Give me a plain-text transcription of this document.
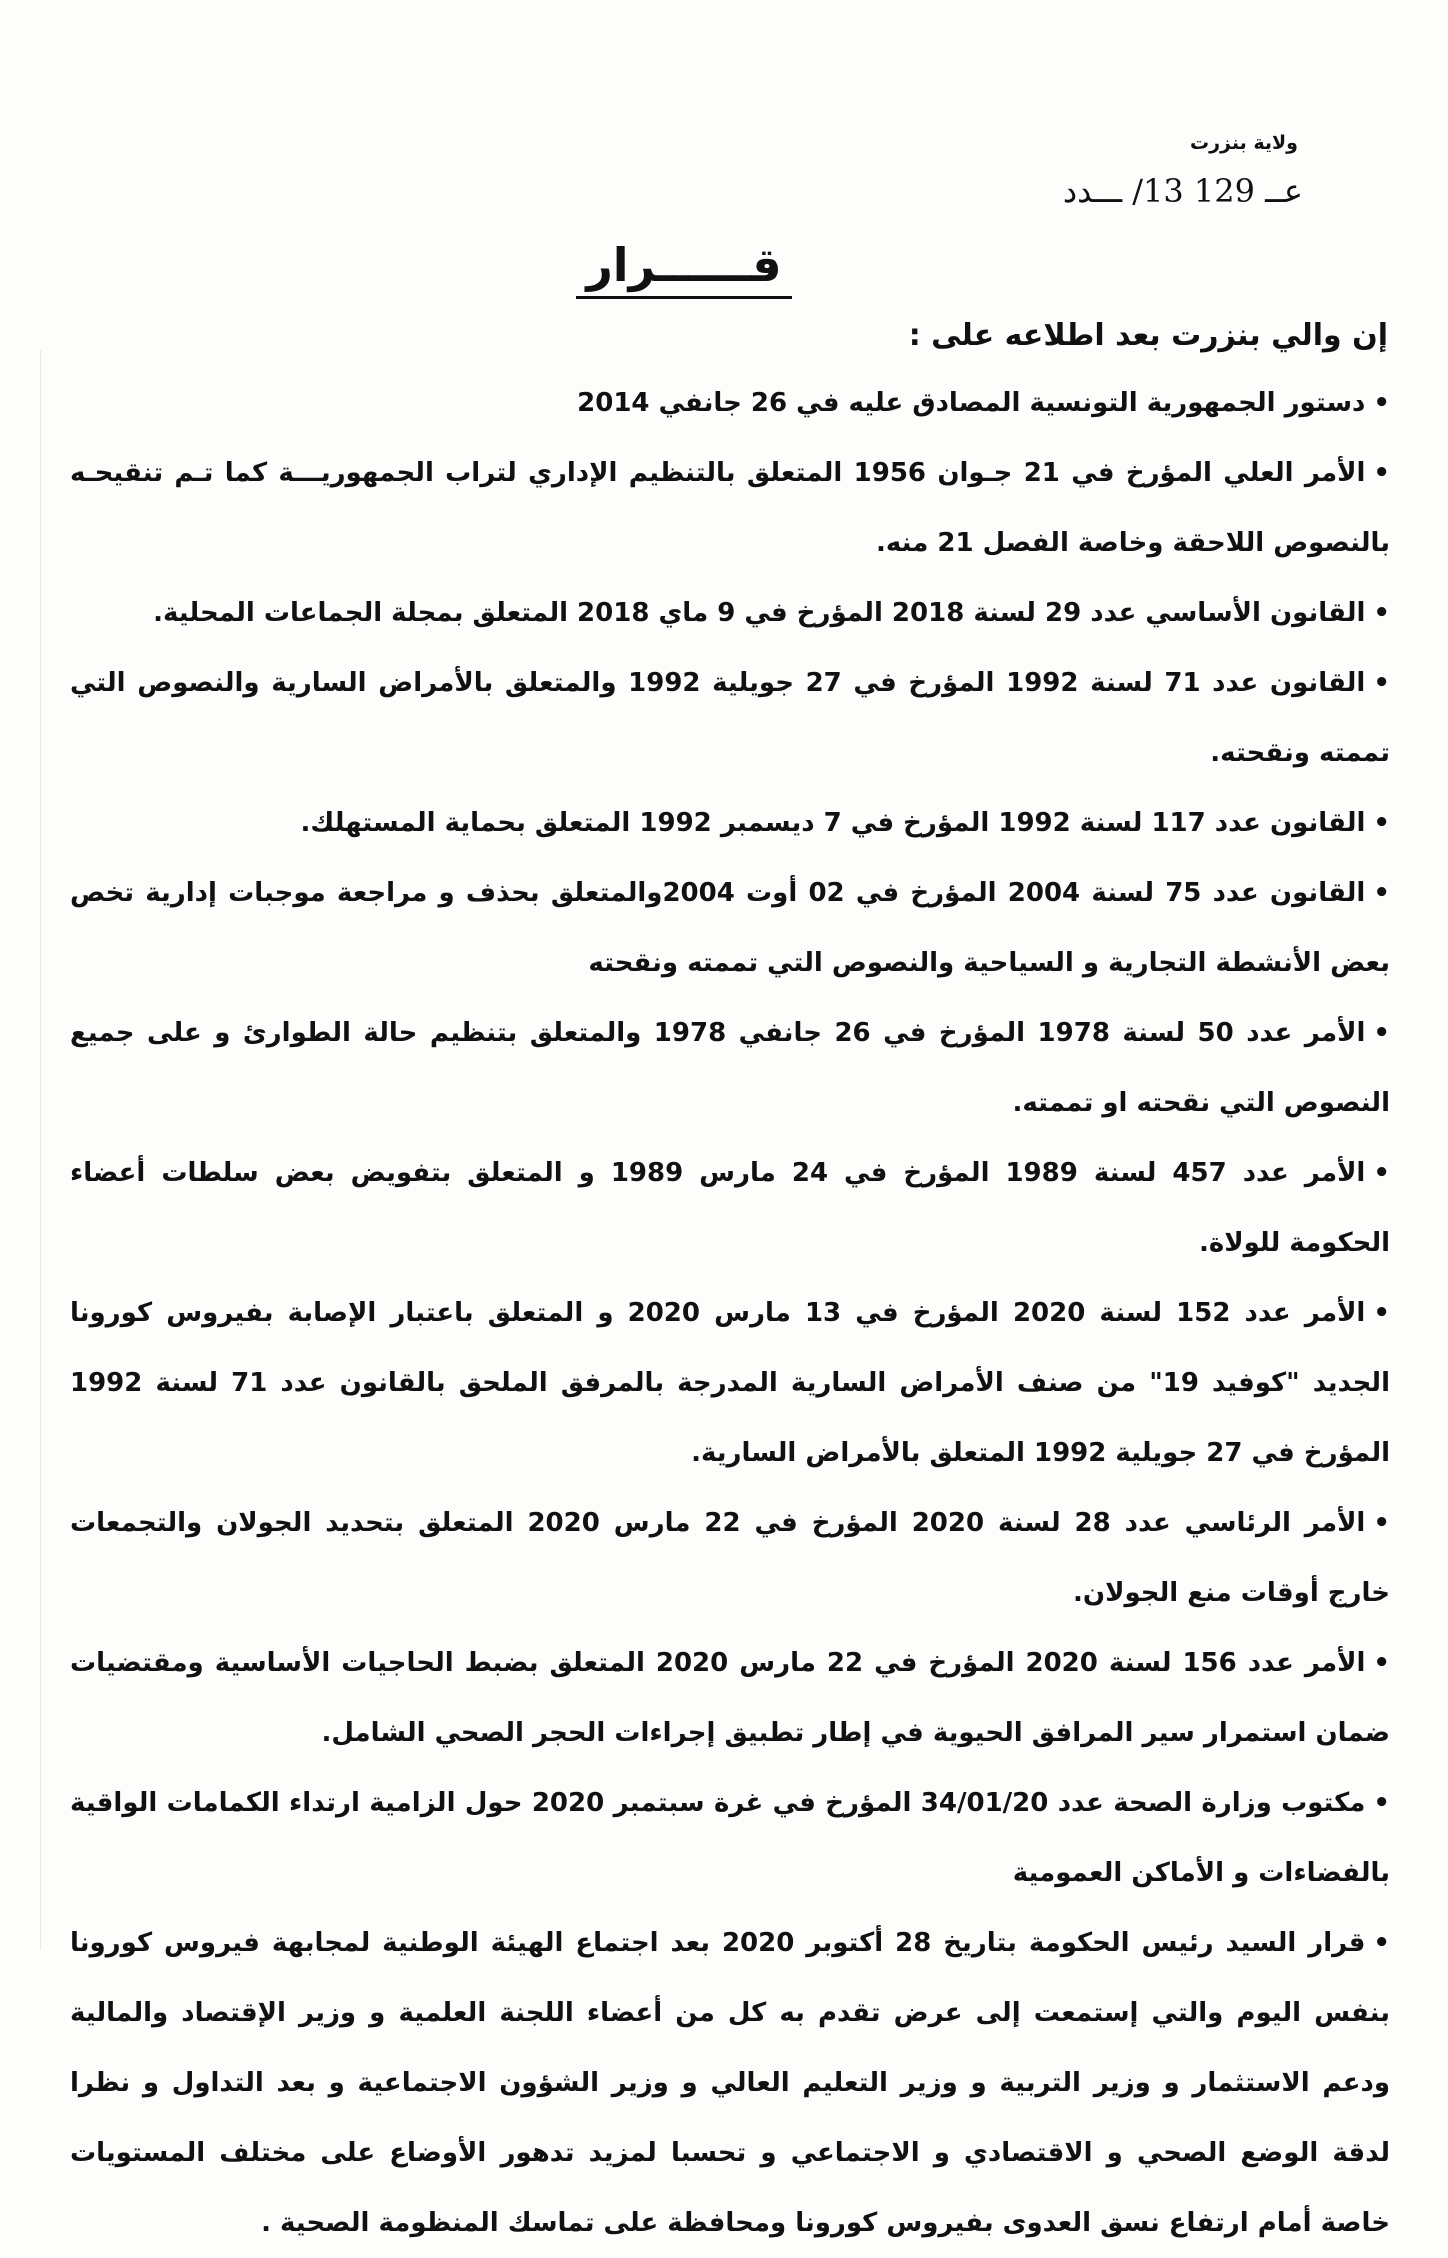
ولاية بنزرت
عــ 129 13/ ـــدد
قــــــرار
إن والي بنزرت بعد اطلاعه على :

•دستور الجمهورية التونسية المصادق عليه في 26 جانفي 2014

•الأمر العلي المؤرخ في 21 جـوان 1956 المتعلق بالتنظيم الإداري لتراب الجمهوريـــة كما تـم تنقيحـه بالنصوص اللاحقة وخاصة الفصل 21 منه.

•القانون الأساسي عدد 29 لسنة 2018 المؤرخ في 9 ماي 2018 المتعلق بمجلة الجماعات المحلية.

•القانون عدد 71 لسنة 1992 المؤرخ في 27 جويلية 1992 والمتعلق بالأمراض السارية والنصوص التي تممته ونقحته.

•القانون عدد 117 لسنة 1992 المؤرخ في 7 ديسمبر 1992 المتعلق بحماية المستهلك.

•القانون عدد 75 لسنة 2004 المؤرخ في 02 أوت 2004والمتعلق بحذف و مراجعة موجبات إدارية تخص بعض الأنشطة التجارية و السياحية والنصوص التي تممته ونقحته

•الأمر عدد 50 لسنة 1978 المؤرخ في 26 جانفي 1978 والمتعلق بتنظيم حالة الطوارئ و على جميع النصوص التي نقحته او تممته.

•الأمر عدد 457 لسنة 1989 المؤرخ في 24 مارس 1989 و المتعلق بتفويض بعض سلطات أعضاء الحكومة للولاة.

•الأمر عدد 152 لسنة 2020 المؤرخ في 13 مارس 2020 و المتعلق باعتبار الإصابة بفيروس كورونا الجديد "كوفيد 19" من صنف الأمراض السارية المدرجة بالمرفق الملحق بالقانون عدد 71 لسنة 1992 المؤرخ في 27 جويلية 1992 المتعلق بالأمراض السارية.

•الأمر الرئاسي عدد 28 لسنة 2020 المؤرخ في 22 مارس 2020 المتعلق بتحديد الجولان والتجمعات خارج أوقات منع الجولان.

•الأمر عدد 156 لسنة 2020 المؤرخ في 22 مارس 2020 المتعلق بضبط الحاجيات الأساسية ومقتضيات ضمان استمرار سير المرافق الحيوية في إطار تطبيق إجراءات الحجر الصحي الشامل.

•مكتوب وزارة الصحة عدد 34/01/20 المؤرخ في غرة سبتمبر 2020 حول الزامية ارتداء الكمامات الواقية بالفضاءات و الأماكن العمومية

•قرار السيد رئيس الحكومة بتاريخ 28 أكتوبر 2020 بعد اجتماع الهيئة الوطنية لمجابهة فيروس كورونا بنفس اليوم والتي إستمعت إلى عرض تقدم به كل من أعضاء اللجنة العلمية و وزير الإقتصاد والمالية ودعم الاستثمار و وزير التربية و وزير التعليم العالي و وزير الشؤون الاجتماعية و بعد التداول و نظرا لدقة الوضع الصحي و الاقتصادي و الاجتماعي و تحسبا لمزيد تدهور الأوضاع على مختلف المستويات خاصة أمام ارتفاع نسق العدوى بفيروس كورونا ومحافظة على تماسك المنظومة الصحية .
